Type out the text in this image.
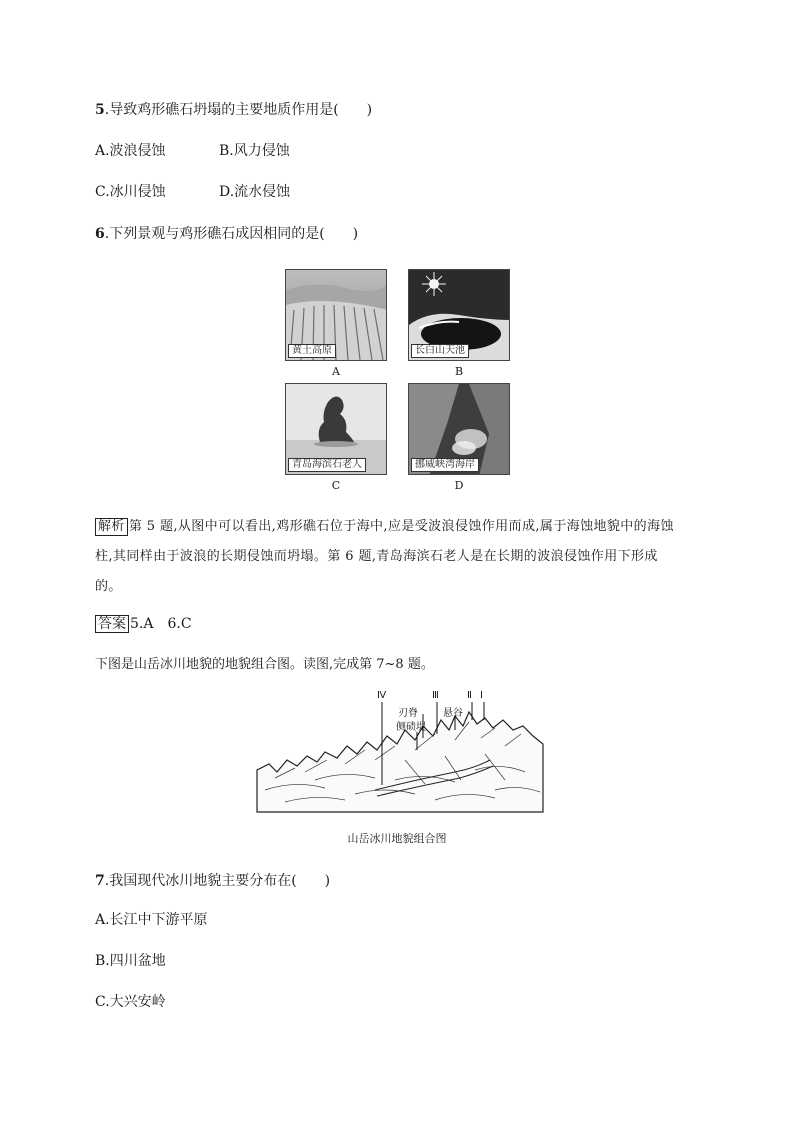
5.导致鸡形礁石坍塌的主要地质作用是(　　)
A.波浪侵蚀	B.风力侵蚀
C.冰川侵蚀	D.流水侵蚀
6.下列景观与鸡形礁石成因相同的是(　　)
黄土高原
A
长白山天池
B
青岛海滨石老人
C
挪威峡湾海岸
D
解析 第 5 题,从图中可以看出,鸡形礁石位于海中,应是受波浪侵蚀作用而成,属于海蚀地貌中的海蚀
柱,其同样由于波浪的长期侵蚀而坍塌。第 6 题,青岛海滨石老人是在长期的波浪侵蚀作用下形成
的。
答案 5.A　6.C
下图是山岳冰川地貌的地貌组合图。读图,完成第 7~8 题。
Ⅳ	Ⅲ	Ⅱ Ⅰ
刃脊	悬谷
侧碛堤
山岳冰川地貌组合图
7.我国现代冰川地貌主要分布在(　　)
A.长江中下游平原
B.四川盆地
C.大兴安岭
